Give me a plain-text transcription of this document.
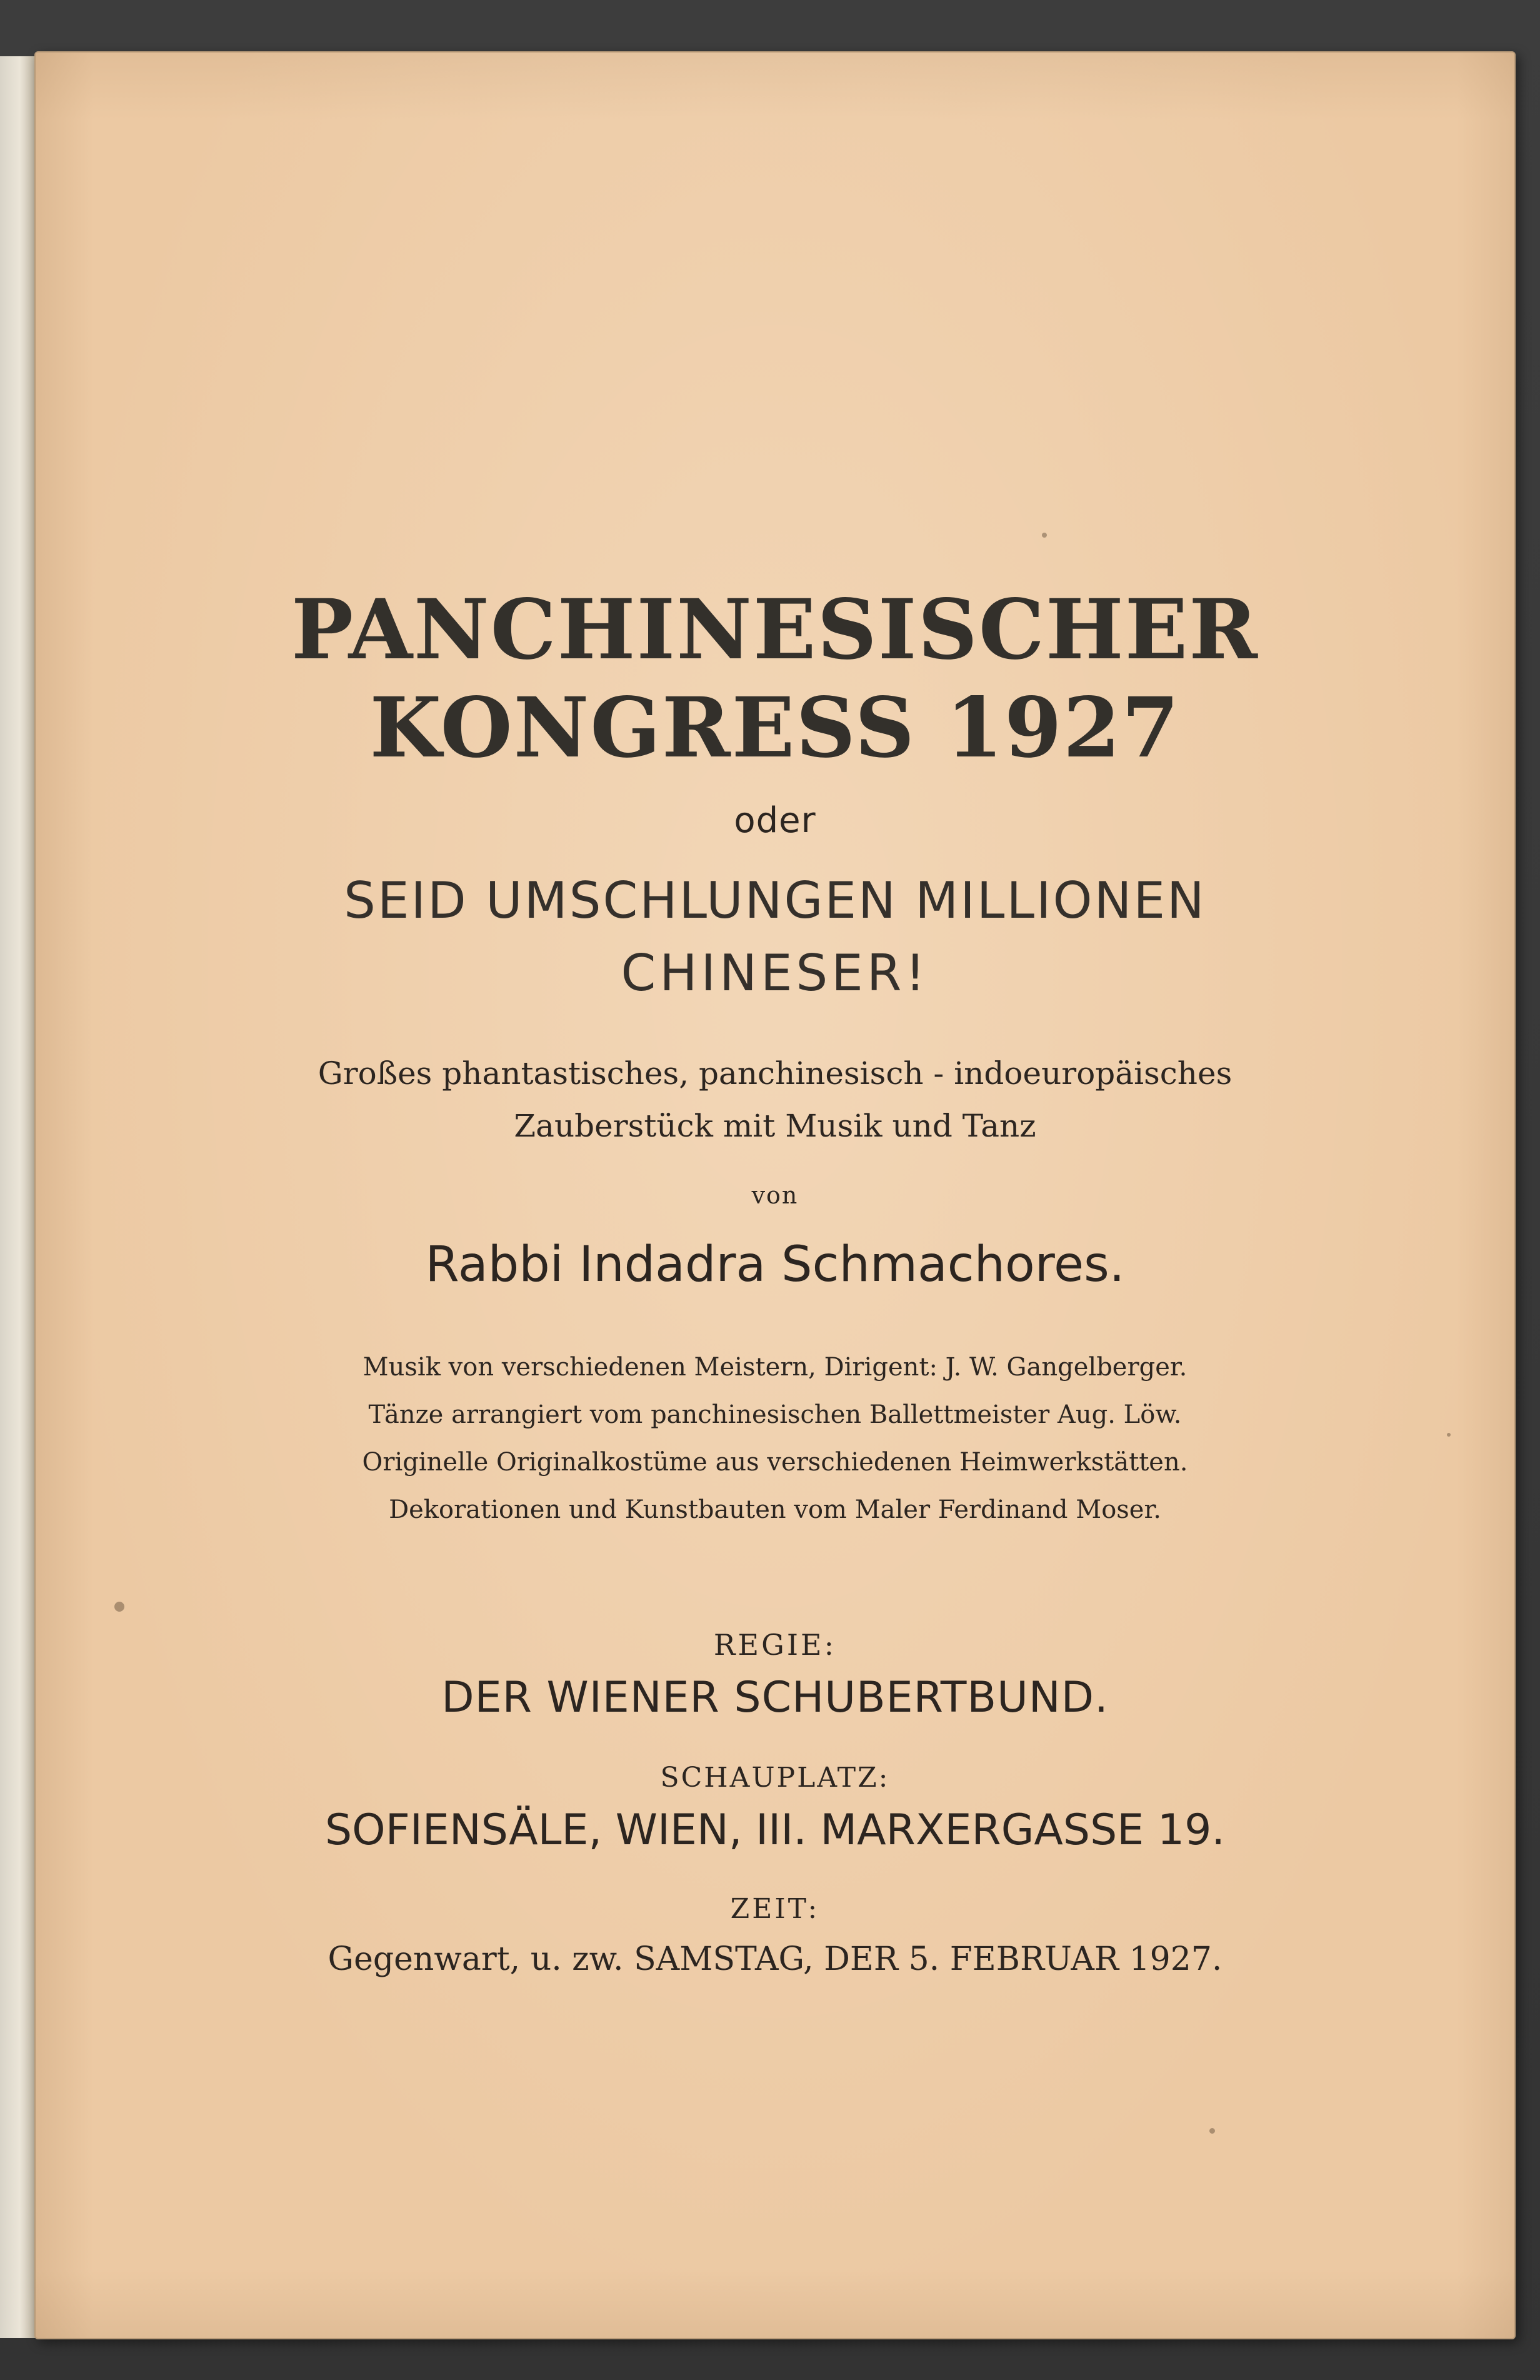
PANCHINESISCHER
KONGRESS 1927
oder
SEID UMSCHLUNGEN MILLIONEN
CHINESER!
Großes phantastisches, panchinesisch - indoeuropäisches
Zauberstück mit Musik und Tanz
von
Rabbi Indadra Schmachores.
Musik von verschiedenen Meistern, Dirigent: J. W. Gangelberger.
Tänze arrangiert vom panchinesischen Ballettmeister Aug. Löw.
Originelle Originalkostüme aus verschiedenen Heimwerkstätten.
Dekorationen und Kunstbauten vom Maler Ferdinand Moser.
REGIE:
DER WIENER SCHUBERTBUND.
SCHAUPLATZ:
SOFIENSÄLE, WIEN, III. MARXERGASSE 19.
ZEIT:
Gegenwart, u. zw. SAMSTAG, DER 5. FEBRUAR 1927.
